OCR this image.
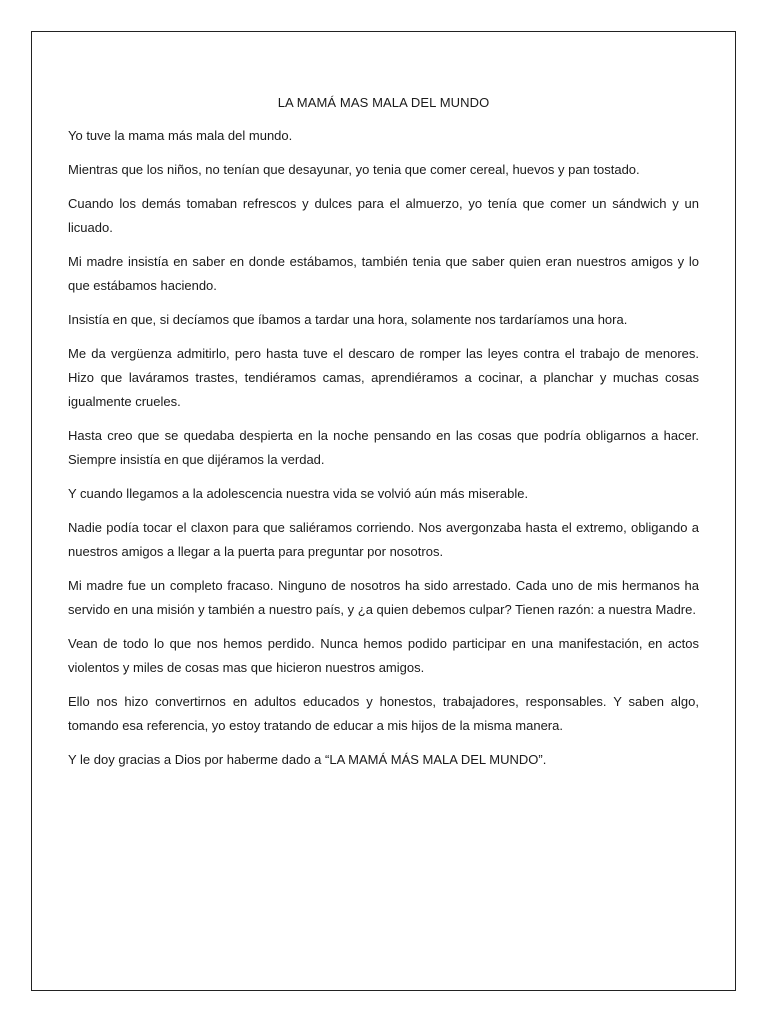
LA MAMÁ MAS MALA DEL MUNDO

Yo tuve la mama más mala del mundo.

Mientras que los niños, no tenían que desayunar, yo tenia que comer cereal, huevos y pan tostado.

Cuando los demás tomaban refrescos y dulces para el almuerzo, yo tenía que comer un sándwich y un licuado.

Mi madre insistía en saber en donde estábamos, también tenia que saber quien eran nuestros amigos y lo que estábamos haciendo.

Insistía en que, si decíamos que íbamos a tardar una hora, solamente nos tardaríamos una hora.

Me da vergüenza admitirlo, pero hasta tuve el descaro de romper las leyes contra el trabajo de menores. Hizo que laváramos trastes, tendiéramos camas, aprendiéramos a cocinar, a planchar y muchas cosas igualmente crueles.

Hasta creo que se quedaba despierta en la noche pensando en las cosas que podría obligarnos a hacer. Siempre insistía en que dijéramos la verdad.

Y cuando llegamos a la adolescencia nuestra vida se volvió aún más miserable.

Nadie podía tocar el claxon para que saliéramos corriendo. Nos avergonzaba hasta el extremo, obligando a nuestros amigos a llegar a la puerta para preguntar por nosotros.

Mi madre fue un completo fracaso. Ninguno de nosotros ha sido arrestado. Cada uno de mis hermanos ha servido en una misión y también a nuestro país, y ¿a quien debemos culpar? Tienen razón: a nuestra Madre.

Vean de todo lo que nos hemos perdido. Nunca hemos podido participar en una manifestación, en actos violentos y miles de cosas mas que hicieron nuestros amigos.

Ello nos hizo convertirnos en adultos educados y honestos, trabajadores, responsables. Y saben algo, tomando esa referencia, yo estoy tratando de educar a mis hijos de la misma manera.

Y le doy gracias a Dios por haberme dado a “LA MAMÁ MÁS MALA DEL MUNDO”.
